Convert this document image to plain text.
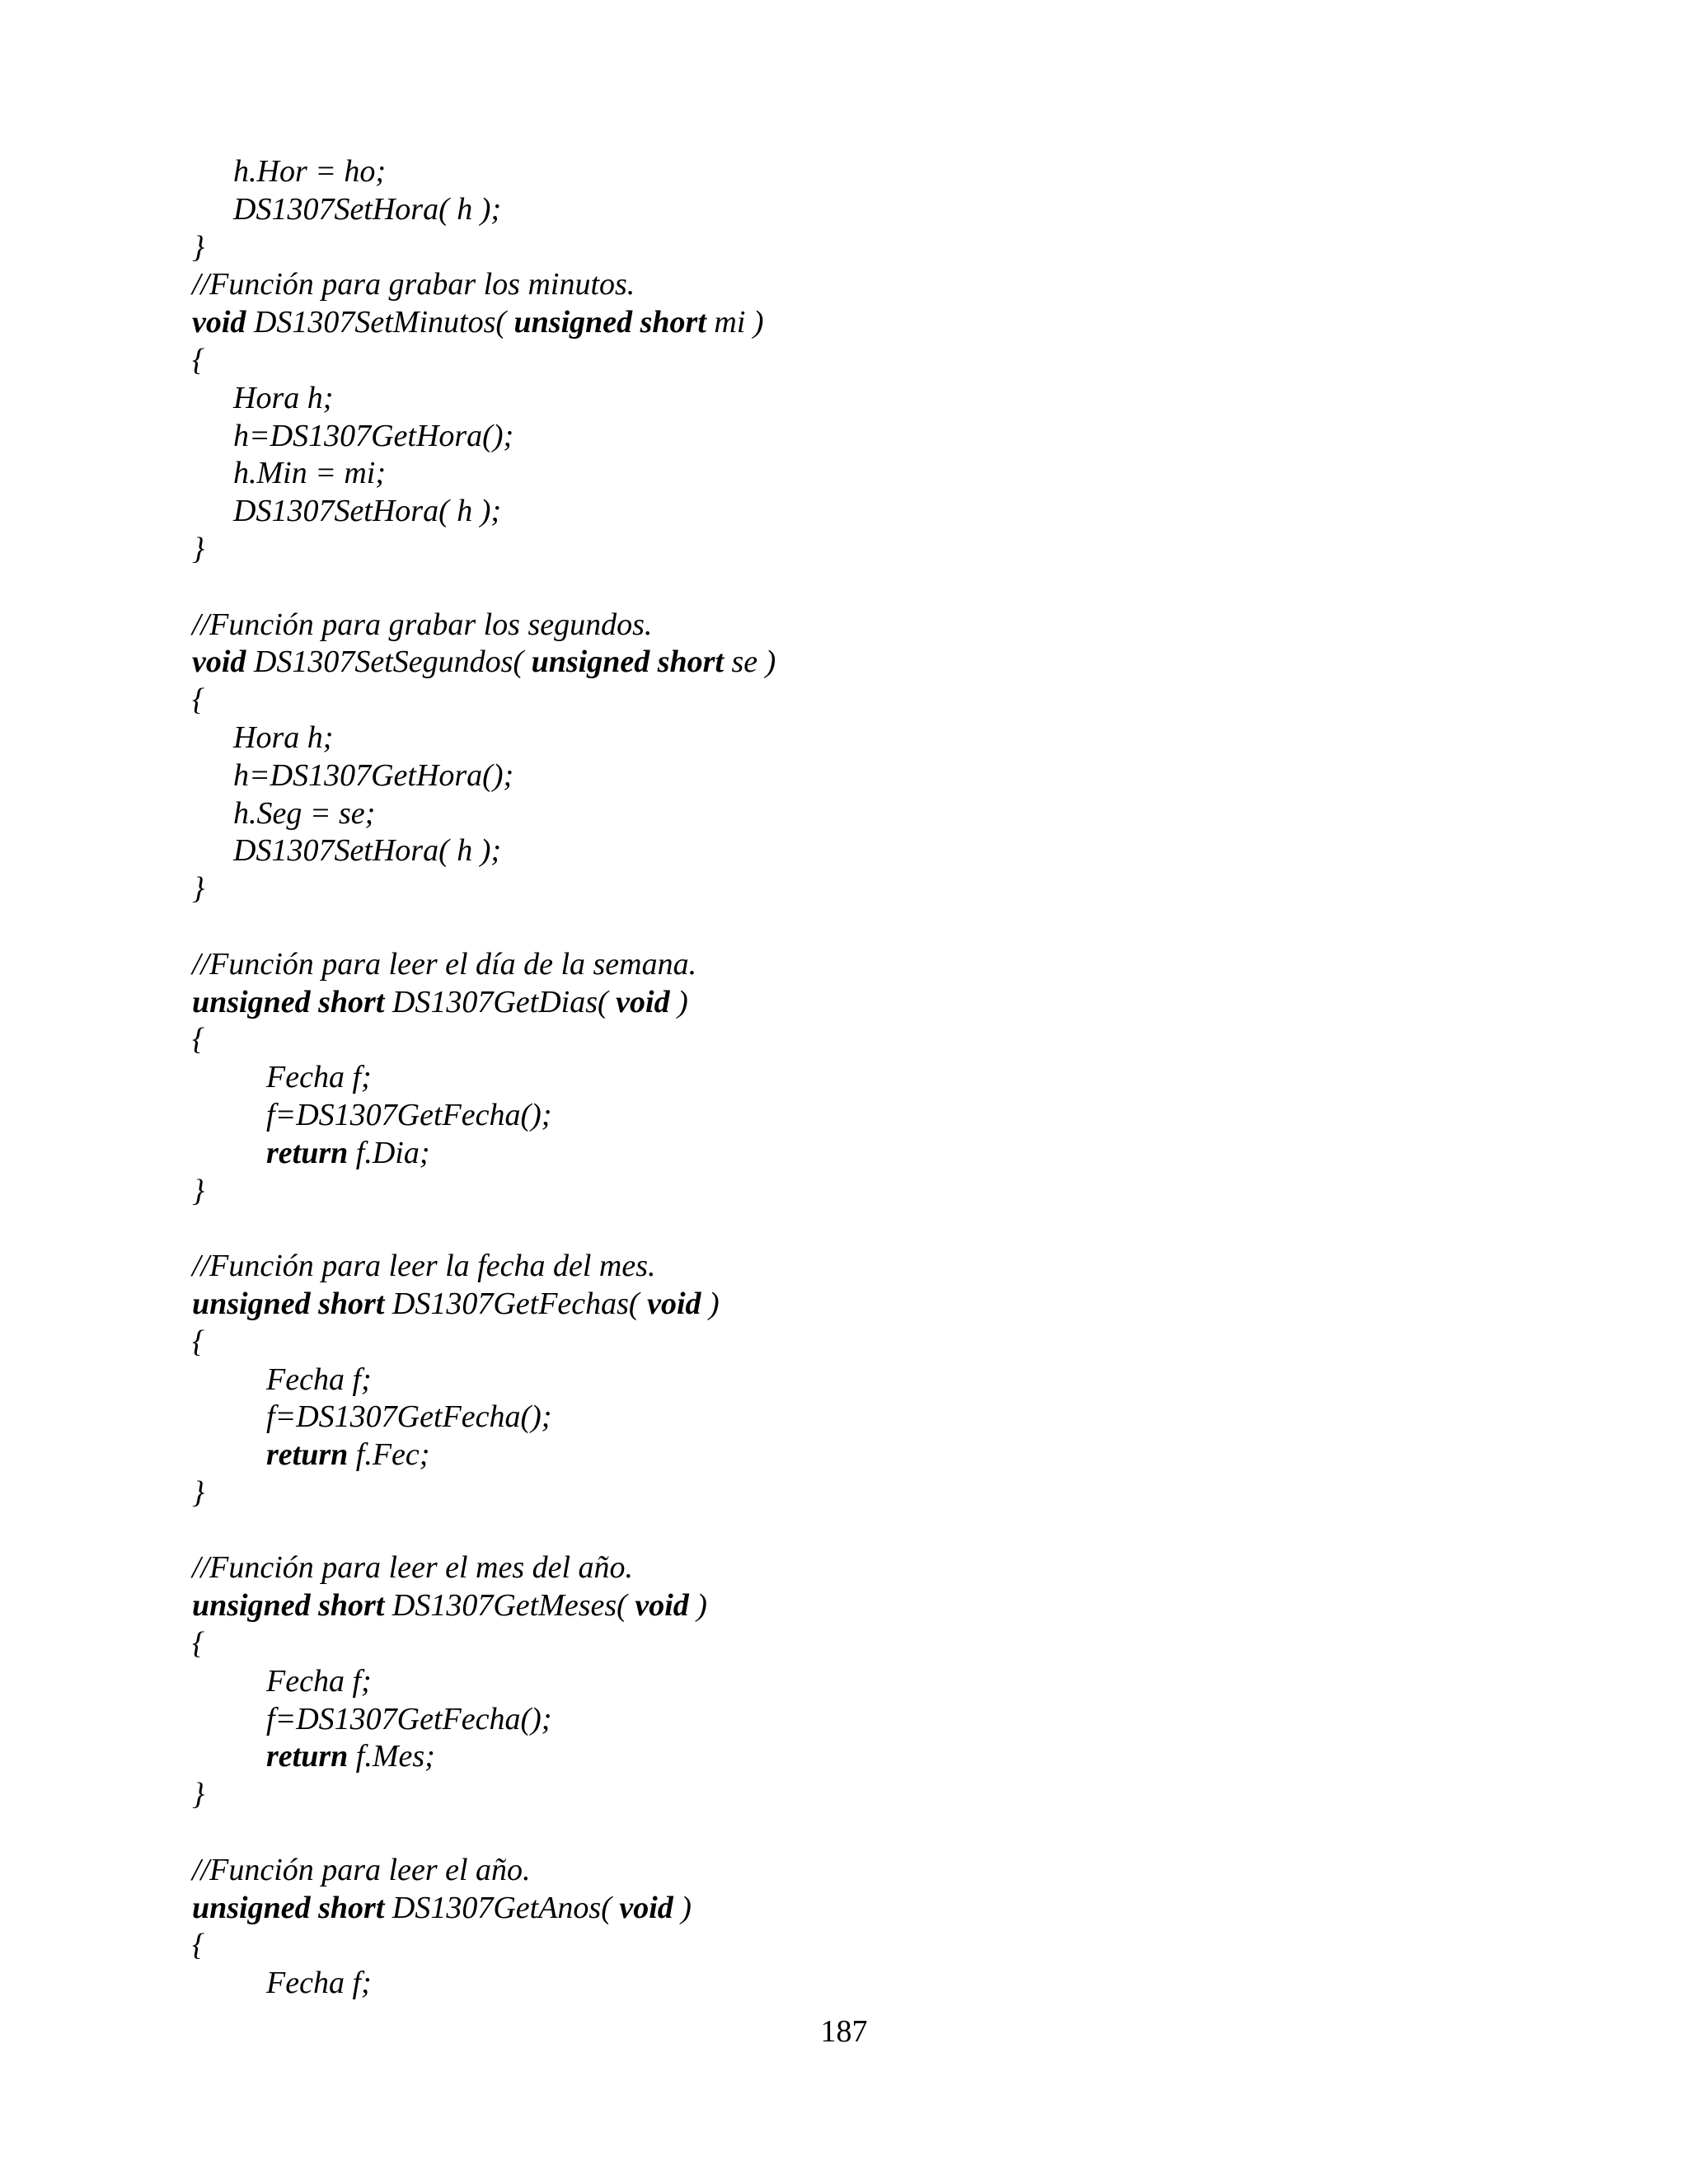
h.Hor = ho;
DS1307SetHora( h );
}
//Función para grabar los minutos.
void DS1307SetMinutos( unsigned short mi )
{
Hora h;
h=DS1307GetHora();
h.Min = mi;
DS1307SetHora( h );
}
//Función para grabar los segundos.
void DS1307SetSegundos( unsigned short se )
{
Hora h;
h=DS1307GetHora();
h.Seg = se;
DS1307SetHora( h );
}
//Función para leer el día de la semana.
unsigned short DS1307GetDias( void )
{
Fecha f;
f=DS1307GetFecha();
return f.Dia;
}
//Función para leer la fecha del mes.
unsigned short DS1307GetFechas( void )
{
Fecha f;
f=DS1307GetFecha();
return f.Fec;
}
//Función para leer el mes del año.
unsigned short DS1307GetMeses( void )
{
Fecha f;
f=DS1307GetFecha();
return f.Mes;
}
//Función para leer el año.
unsigned short DS1307GetAnos( void )
{
Fecha f;
187
